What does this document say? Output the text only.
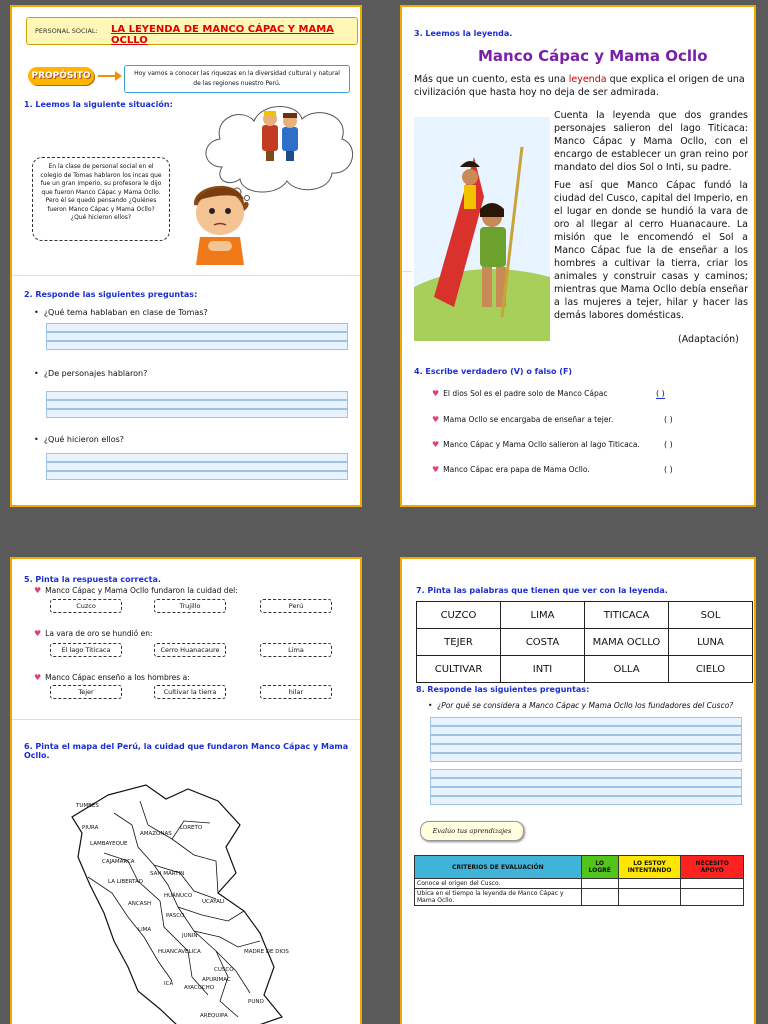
PERSONAL SOCIAL: LA LEYENDA DE MANCO CÁPAC Y MAMA OCLLO
PROPÓSITO	Hoy vamos a conocer las riquezas en la diversidad cultural y natural de las regiones nuestro Perú.
1. Leemos la siguiente situación:
En la clase de personal social en el colegio de Tomas hablaron los incas que fue un gran imperio, su profesora le dijo que fueron Manco Cápac y Mama Ocllo. Pero él se quedó pensando ¿Quiénes fueron Manco Cápac y Mama Ocllo? ¿Qué hicieron ellos?
2. Responde las siguientes preguntas:
• ¿Qué tema hablaban en clase de Tomas?
• ¿De personajes hablaron?
• ¿Qué hicieron ellos?
3. Leemos la leyenda.
Manco Cápac y Mama Ocllo
Más que un cuento, esta es una leyenda que explica el origen de una civilización que hasta hoy no deja de ser admirada.
Cuenta la leyenda que dos grandes personajes salieron del lago Titicaca: Manco Cápac y Mama Ocllo, con el encargo de establecer un gran reino por mandato del dios Sol o Inti, su padre.
Fue así que Manco Cápac fundó la ciudad del Cusco, capital del Imperio, en el lugar en donde se hundió la vara de oro al llegar al cerro Huanacaure. La misión que le encomendó el Sol a Manco Cápac fue la de enseñar a los hombres a cultivar la tierra, criar los animales y construir casas y caminos; mientras que Mama Ocllo debía enseñar a las mujeres a tejer, hilar y hacer las demás labores domésticas.
(Adaptación)
4. Escribe verdadero (V) o falso (F)
♥ El dios Sol es el padre solo de Manco Cápac	( )
♥ Mama Ocllo se encargaba de enseñar a tejer.	( )
♥ Manco Cápac y Mama Ocllo salieron al lago Titicaca.	( )
♥ Manco Cápac era papa de Mama Ocllo.	( )
5. Pinta la respuesta correcta.
♥ Manco Cápac y Mama Ocllo fundaron la cuidad del:
Cuzco	Trujillo	Perú
♥ La vara de oro se hundió en:
El lago Titicaca	Cerro Huanacaure	Lima
♥ Manco Cápac enseño a los hombres a:
Tejer	Cultivar la tierra	hilar
6. Pinta el mapa del Perú, la cuidad que fundaron Manco Cápac y Mama Ocllo.
TUMBES
PIURA
LAMBAYEQUE
CAJAMARCA
AMAZONAS
LORETO
LA LIBERTAD
SAN MARTIN
ANCASH
HUÁNUCO
PASCO
UCAYALI
LIMA
JUNIN
HUANCAVELICA
CUSCO
MADRE DE DIOS
ICA
AYACUCHO
APURIMAC
PUNO
AREQUIPA
7. Pinta las palabras que tienen que ver con la leyenda.
CUZCO	LIMA	TITICACA	SOL
TEJER	COSTA	MAMA OCLLO	LUNA
CULTIVAR	INTI	OLLA	CIELO
8. Responde las siguientes preguntas:
• ¿Por qué se considera a Manco Cápac y Mama Ocllo los fundadores del Cusco?
Evalúo tus aprendizajes
CRITERIOS DE EVALUACIÓN	LO LOGRÉ	LO ESTOY INTENTANDO	NECESITO APOYO
Conoce el origen del Cusco.			
Ubica en el tiempo la leyenda de Manco Cápac y Mama Ocllo.			
